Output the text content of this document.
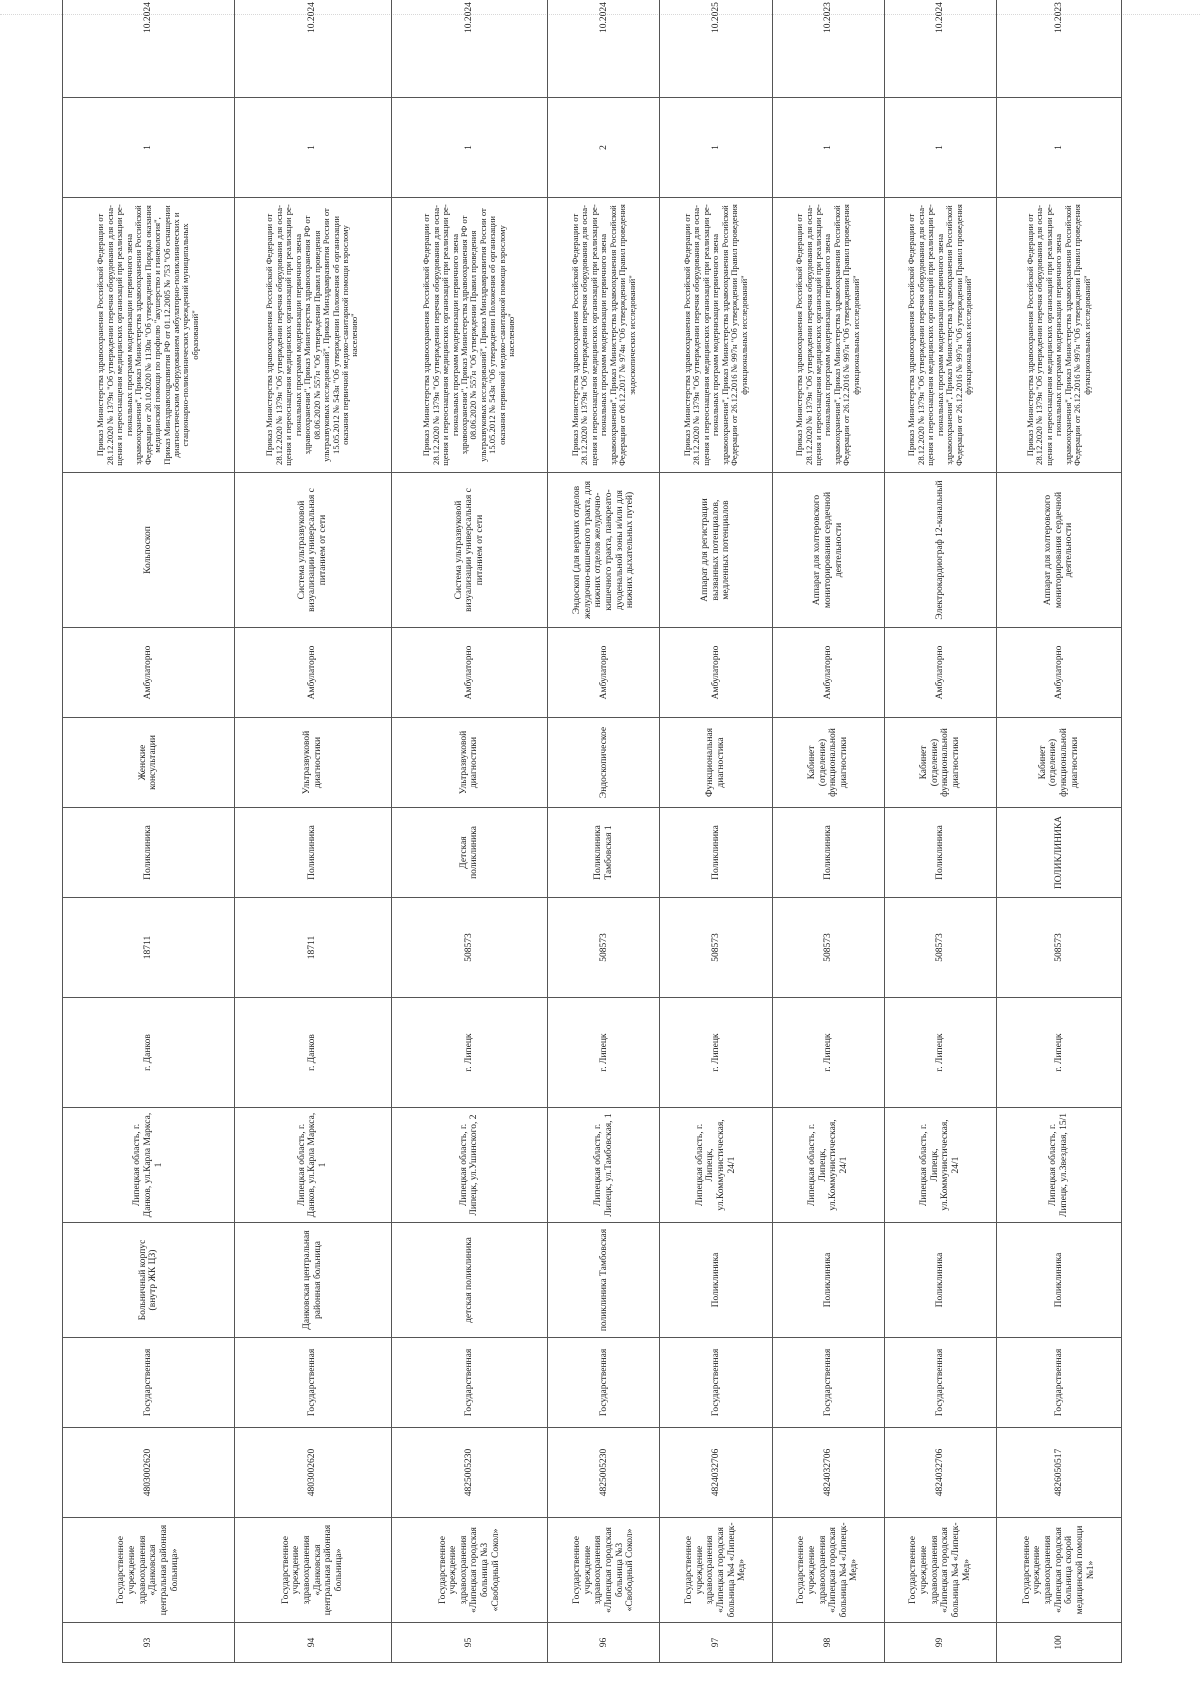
93	Государственное учреждение здравоохранения «Данковская центральная районная больница»	4803002620	Государственная	Больничный корпус (внутр ЖК ЦЗ)	Липецкая область, г. Данков, ул.Карла Маркса, 1	г. Данков	18711	Поликлиника	Женские консультации	Амбулаторно	Кольпоскоп	Приказ Министерства здравоохранения Российской Федерации от 28.12.2020 № 1379н "Об утверждении перечня оборудования для осна-щения и переоснащения медицинских организаций при реализации ре-гиональных программ модернизации первичного звена здравоохранения", Приказ Министерства здравоохранения Российской Федерации от 20.10.2020 № 1130н "Об утверждении Порядка оказания медицинской помощи по профилю "акушерство и гинекология", Приказ Минздравсоцразвития РФ от 01.12.2005 № 753 "Об оснащении диагностическим оборудованием амбулаторно-поликлинических и стационарно-поликлинических учреждений муниципальных образований"	1	10.2024
94	Государственное учреждение здравоохранения «Данковская центральная районная больница»	4803002620	Государственная	Данковская центральная районная больница	Липецкая область, г. Данков, ул.Карла Маркса, 1	г. Данков	18711	Поликлиника	Ультразвуковой диагностики	Амбулаторно	Система ультразвуковой визуализации универсальная с питанием от сети	Приказ Министерства здравоохранения Российской Федерации от 28.12.2020 № 1379н "Об утверждении перечня оборудования для осна-щения и переоснащения медицинских организаций при реализации ре-гиональных программ модернизации первичного звена здравоохранения", Приказ Министерства здравоохранения РФ от 08.06.2020 № 557н "Об утверждении Правил проведения ультразвуковых исследований", Приказ Минздравразвития России от 15.05.2012 № 543н "Об утверждении Положения об организации оказания первичной медико-санитарной помощи взрослому населению"	1	10.2024
95	Государственное учреждение здравоохранения «Липецкая городская больница №3 «Свободный Сокол»	4825005230	Государственная	детская поликлиника	Липецкая область, г. Липецк, ул.Ушинского, 2	г. Липецк	508573	Детская поликлиника	Ультразвуковой диагностики	Амбулаторно	Система ультразвуковой визуализации универсальная с питанием от сети	Приказ Министерства здравоохранения Российской Федерации от 28.12.2020 № 1379н "Об утверждении перечня оборудования для осна-щения и переоснащения медицинских организаций при реализации ре-гиональных программ модернизации первичного звена здравоохранения", Приказ Министерства здравоохранения РФ от 08.06.2020 № 557н "Об утверждении Правил проведения ультразвуковых исследований", Приказ Минздравразвития России от 15.05.2012 № 543н "Об утверждении Положения об организации оказания первичной медико-санитарной помощи взрослому населению"	1	10.2024
96	Государственное учреждение здравоохранения «Липецкая городская больница №3 «Свободный Сокол»	4825005230	Государственная	поликлиника Тамбовская	Липецкая область, г. Липецк, ул.Тамбовская, 1	г. Липецк	508573	Поликлиника Тамбовская 1	Эндоскопическое	Амбулаторно	Эндоскоп (для верхних отделов желудочно-кишечного тракта, для нижних отделов желудочно-кишечного тракта, панкреато-дуоденальной зоны и/или для нижних дыхательных путей)	Приказ Министерства здравоохранения Российской Федерации от 28.12.2020 № 1379н "Об утверждении перечня оборудования для осна-щения и переоснащения медицинских организаций при реализации ре-гиональных программ модернизации первичного звена здравоохранения", Приказ Министерства здравоохранения Российской Федерации от 06.12.2017 № 974н "Об утверждении Правил проведения эндоскопических исследований"	2	10.2024
97	Государственное учреждение здравоохранения «Липецкая городская больница №4 «Липецк-Мед»	4824032706	Государственная	Поликлиника	Липецкая область, г. Липецк, ул.Коммунистическая, 24/1	г. Липецк	508573	Поликлиника	Функциональная диагностика	Амбулаторно	Аппарат для регистрации вызванных потенциалов, медленных потенциалов	Приказ Министерства здравоохранения Российской Федерации от 28.12.2020 № 1379н "Об утверждении перечня оборудования для осна-щения и переоснащения медицинских организаций при реализации ре-гиональных программ модернизации первичного звена здравоохранения", Приказ Министерства здравоохранения Российской Федерации от 26.12.2016 № 997н "Об утверждении Правил проведения функциональных исследований"	1	10.2025
98	Государственное учреждение здравоохранения «Липецкая городская больница №4 «Липецк-Мед»	4824032706	Государственная	Поликлиника	Липецкая область, г. Липецк, ул.Коммунистическая, 24/1	г. Липецк	508573	Поликлиника	Кабинет (отделение) функциональной диагностики	Амбулаторно	Аппарат для холтеровского мониторирования сердечной деятельности	Приказ Министерства здравоохранения Российской Федерации от 28.12.2020 № 1379н "Об утверждении перечня оборудования для осна-щения и переоснащения медицинских организаций при реализации ре-гиональных программ модернизации первичного звена здравоохранения", Приказ Министерства здравоохранения Российской Федерации от 26.12.2016 № 997н "Об утверждении Правил проведения функциональных исследований"	1	10.2023
99	Государственное учреждение здравоохранения «Липецкая городская больница №4 «Липецк-Мед»	4824032706	Государственная	Поликлиника	Липецкая область, г. Липецк, ул.Коммунистическая, 24/1	г. Липецк	508573	Поликлиника	Кабинет (отделение) функциональной диагностики	Амбулаторно	Электрокардиограф 12-канальный	Приказ Министерства здравоохранения Российской Федерации от 28.12.2020 № 1379н "Об утверждении перечня оборудования для осна-щения и переоснащения медицинских организаций при реализации ре-гиональных программ модернизации первичного звена здравоохранения", Приказ Министерства здравоохранения Российской Федерации от 26.12.2016 № 997н "Об утверждении Правил проведения функциональных исследований"	1	10.2024
100	Государственное учреждение здравоохранения «Липецкая городская больница скорой медицинской помощи №1»	4826050517	Государственная	Поликлиника	Липецкая область, г. Липецк, ул.Звездная, 15/1	г. Липецк	508573	ПОЛИКЛИНИКА	Кабинет (отделение) функциональной диагностики	Амбулаторно	Аппарат для холтеровского мониторирования сердечной деятельности	Приказ Министерства здравоохранения Российской Федерации от 28.12.2020 № 1379н "Об утверждении перечня оборудования для осна-щения и переоснащения медицинских организаций при реализации ре-гиональных программ модернизации первичного звена здравоохранения", Приказ Министерства здравоохранения Российской Федерации от 26.12.2016 № 997н "Об утверждении Правил проведения функциональных исследований"	1	10.2023
